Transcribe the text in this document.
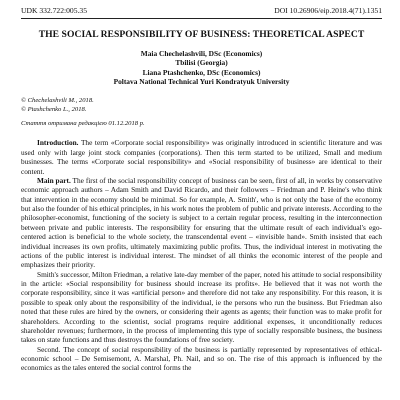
UDK 332.722:005.35	DOI 10.26906/eip.2018.4(71).1351
THE SOCIAL RESPONSIBILITY OF BUSINESS: THEORETICAL ASPECT
Maia Chechelashvili, DSc (Economics)
Tbilisi (Georgia)
Liana Ptashchenko, DSc (Economics)
Poltava National Technical Yuri Kondratyuk University
© Chechelashvili M., 2018.
© Ptashchenko L., 2018.
Стаття отримана редакцією 01.12.2018 р.

Introduction. The term «Corporate social responsibility» was originally introduced in scientific literature and was used only with large joint stock companies (corporations). Then this term started to be utilized, Small and medium businesses. The terms «Corporate social responsibility» and «Social responsibility of business» are identical to their content.

Main part. The first of the social responsibility concept of business can be seen, first of all, in works by conservative economic approach authors – Adam Smith and David Ricardo, and their followers – Friedman and P. Heine's who think that intervention in the economy should be minimal. So for example, A. Smith', who is not only the base of the economy but also the founder of his ethical principles, in his work notes the problem of public and private interests. According to the philosopher-economist, functioning of the society is subject to a certain regular process, resulting in the interconnection between private and public interests. The responsibility for ensuring that the ultimate result of each individual's ego-centered action is beneficial to the whole society, the transcendental event – «invisible hand». Smith insisted that each individual increases its own profits, ultimately maximizing public profits. Thus, the individual interest in motivating the actions of the public interest is individual interest. The mindset of all thinks the economic interest of the people and emphasizes their priority.

Smith's successor, Milton Friedman, a relative late-day member of the paper, noted his attitude to social responsibility in the article: «Social responsibility for business should increase its profits». He believed that it was not worth the corporate responsibility, since it was «artificial person» and therefore did not take any responsibility. For this reason, it is possible to speak only about the responsibility of the individual, ie the persons who run the business. But Friedman also noted that these rules are hired by the owners, or considering their agents as agents; their function was to make profit for shareholders. According to the scientist, social programs require additional expenses, it unconditionally reduces shareholder revenues; furthermore, in the process of implementing this type of socially responsible business, the business takes on state functions and thus destroys the foundations of free society.

Second. The concept of social responsibility of the business is partially represented by representatives of ethical-economic school – De Semisemont, A. Marshal, Ph. Nail, and so on. The rise of this approach is influenced by the economics as the tales entered the social control forms the
